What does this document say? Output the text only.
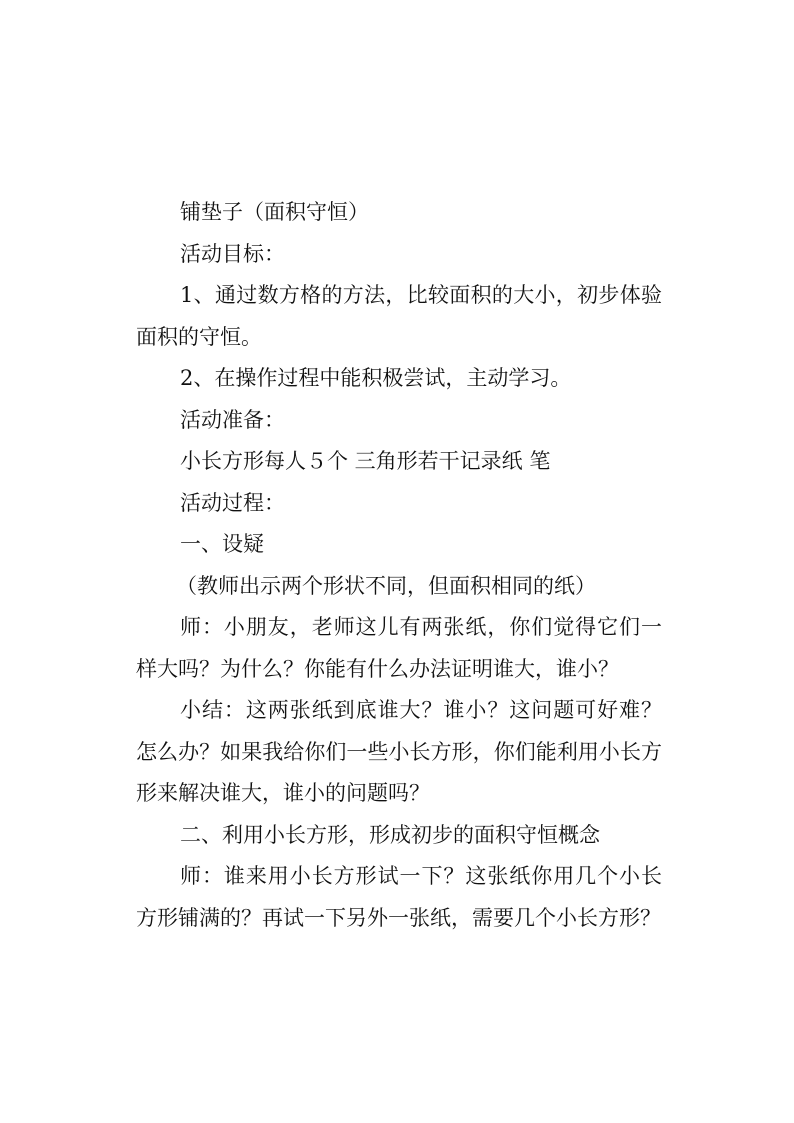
铺垫子（面积守恒）

活动目标：

1、通过数方格的方法，比较面积的大小，初步体验面积的守恒。

2、在操作过程中能积极尝试，主动学习。

活动准备：

小长方形每人５个 三角形若干记录纸 笔

活动过程：

一、设疑

（教师出示两个形状不同，但面积相同的纸）

师：小朋友，老师这儿有两张纸，你们觉得它们一样大吗？为什么？你能有什么办法证明谁大，谁小？

小结：这两张纸到底谁大？谁小？这问题可好难？怎么办？如果我给你们一些小长方形，你们能利用小长方形来解决谁大，谁小的问题吗？

二、利用小长方形，形成初步的面积守恒概念

师：谁来用小长方形试一下？这张纸你用几个小长方形铺满的？再试一下另外一张纸，需要几个小长方形？
